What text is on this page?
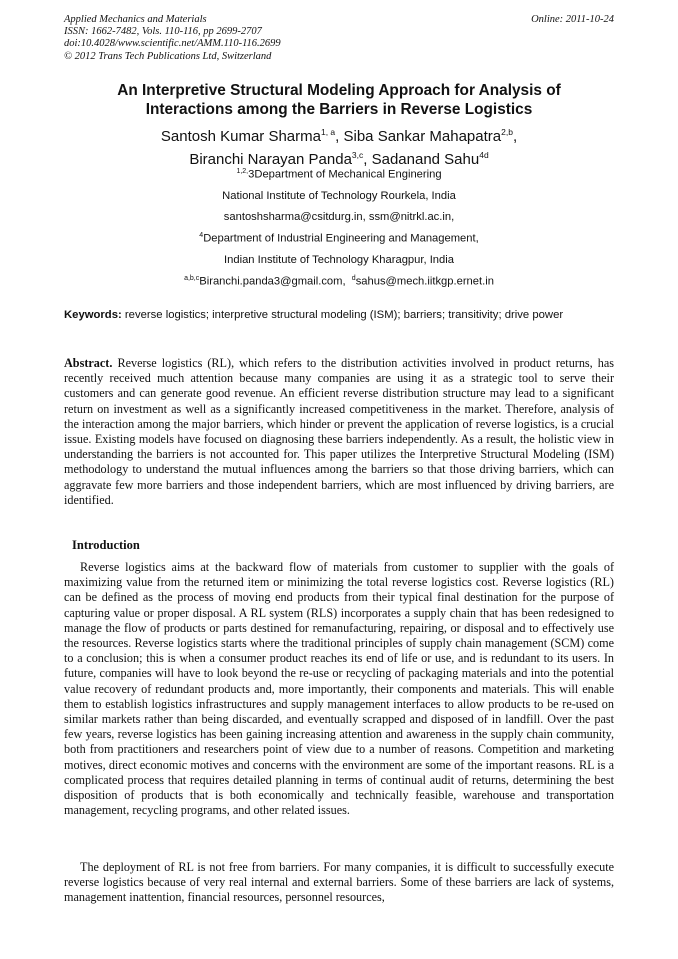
Applied Mechanics and Materials
ISSN: 1662-7482, Vols. 110-116, pp 2699-2707
doi:10.4028/www.scientific.net/AMM.110-116.2699
© 2012 Trans Tech Publications Ltd, Switzerland
Online: 2011-10-24
An Interpretive Structural Modeling Approach for Analysis of
Interactions among the Barriers in Reverse Logistics
Santosh Kumar Sharma$^{1, a}$, Siba Sankar Mahapatra$^{2,b}$,
Biranchi Narayan Panda$^{3,c}$, Sadanand Sahu$^{4d}$
$^{1,2,}$3Department of Mechanical Enginering
National Institute of Technology Rourkela, India
santoshsharma@csitdurg.in, ssm@nitrkl.ac.in,
$^4$Department of Industrial Engineering and Management,
Indian Institute of Technology Kharagpur, India
$^{a,b,c}$Biranchi.panda3@gmail.com, $^d$sahus@mech.iitkgp.ernet.in
Keywords: reverse logistics; interpretive structural modeling (ISM); barriers; transitivity; drive power

Abstract. Reverse logistics (RL), which refers to the distribution activities involved in product returns, has recently received much attention because many companies are using it as a strategic tool to serve their customers and can generate good revenue. An efficient reverse distribution structure may lead to a significant return on investment as well as a significantly increased competitiveness in the market. Therefore, analysis of the interaction among the major barriers, which hinder or prevent the application of reverse logistics, is a crucial issue. Existing models have focused on diagnosing these barriers independently. As a result, the holistic view in understanding the barriers is not accounted for. This paper utilizes the Interpretive Structural Modeling (ISM) methodology to understand the mutual influences among the barriers so that those driving barriers, which can aggravate few more barriers and those independent barriers, which are most influenced by driving barriers, are identified.

Introduction

Reverse logistics aims at the backward flow of materials from customer to supplier with the goals of maximizing value from the returned item or minimizing the total reverse logistics cost. Reverse logistics (RL) can be defined as the process of moving end products from their typical final destination for the purpose of capturing value or proper disposal. A RL system (RLS) incorporates a supply chain that has been redesigned to manage the flow of products or parts destined for remanufacturing, repairing, or disposal and to effectively use the resources. Reverse logistics starts where the traditional principles of supply chain management (SCM) come to a conclusion; this is when a consumer product reaches its end of life or use, and is redundant to its users. In future, companies will have to look beyond the re-use or recycling of packaging materials and into the potential value recovery of redundant products and, more importantly, their components and materials. This will enable them to establish logistics infrastructures and supply management interfaces to allow products to be re-used on similar markets rather than being discarded, and eventually scrapped and disposed of in landfill. Over the past few years, reverse logistics has been gaining increasing attention and awareness in the supply chain community, both from practitioners and researchers point of view due to a number of reasons. Competition and marketing motives, direct economic motives and concerns with the environment are some of the important reasons. RL is a complicated process that requires detailed planning in terms of continual audit of returns, determining the best disposition of products that is both economically and technically feasible, warehouse and transportation management, recycling programs, and other related issues.

The deployment of RL is not free from barriers. For many companies, it is difficult to successfully execute reverse logistics because of very real internal and external barriers. Some of these barriers are lack of systems, management inattention, financial resources, personnel resources,
